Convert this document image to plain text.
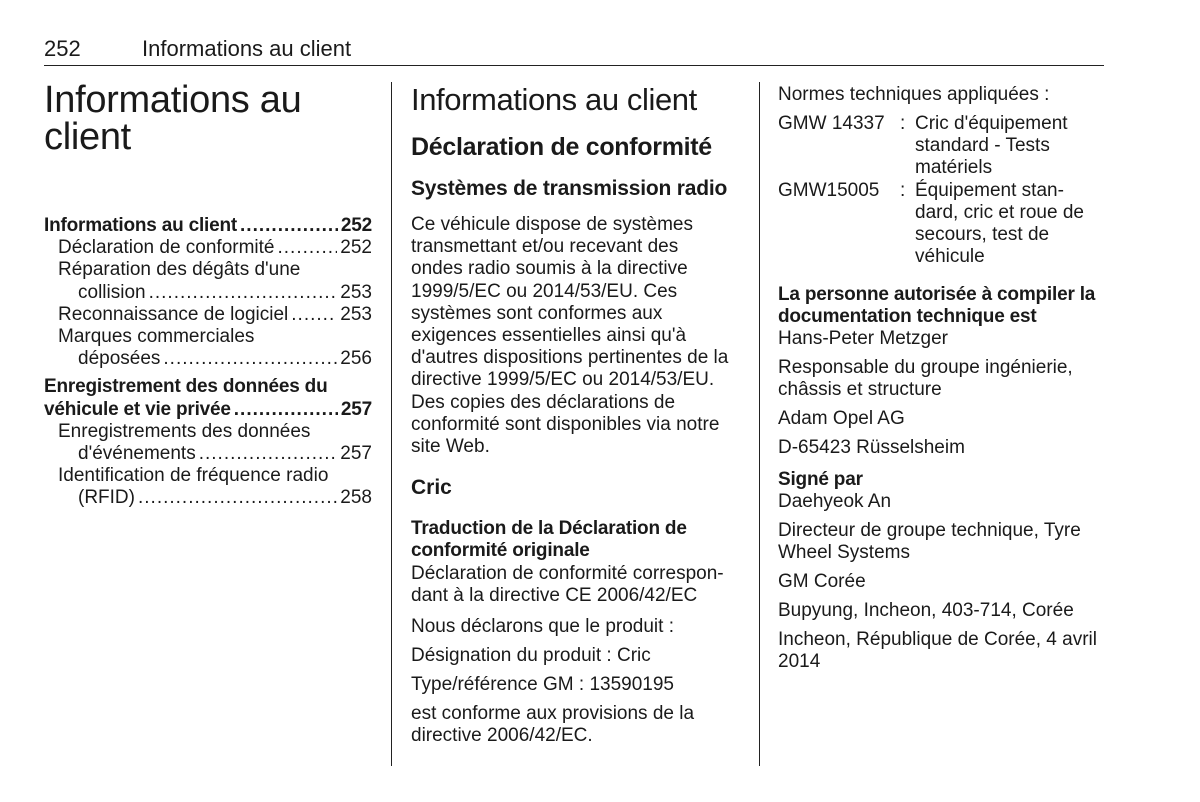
252	Informations au client
Informations au client
Informations au client .....	252
Déclaration de conformité .....	252
Réparation des dégâts d'une
collision .....	253
Reconnaissance de logiciel .....	253
Marques commerciales
déposées .....	256
Enregistrement des données du
véhicule et vie privée .....	257
Enregistrements des données
d'événements .....	257
Identification de fréquence radio
(RFID) .....	258
Informations au client
Déclaration de conformité
Systèmes de transmission radio
Ce véhicule dispose de systèmes
transmettant et/ou recevant des
ondes radio soumis à la directive
1999/5/EC ou 2014/53/EU. Ces
systèmes sont conformes aux
exigences essentielles ainsi qu'à
d'autres dispositions pertinentes de la
directive 1999/5/EC ou 2014/53/EU.
Des copies des déclarations de
conformité sont disponibles via notre
site Web.
Cric
Traduction de la Déclaration de
conformité originale
Déclaration de conformité correspon-
dant à la directive CE 2006/42/EC
Nous déclarons que le produit :
Désignation du produit : Cric
Type/référence GM : 13590195
est conforme aux provisions de la
directive 2006/42/EC.
Normes techniques appliquées :
GMW 14337 : Cric d'équipement
standard - Tests
matériels
GMW15005	: Équipement stan-
dard, cric et roue de
secours, test de
véhicule
La personne autorisée à compiler la
documentation technique est
Hans-Peter Metzger
Responsable du groupe ingénierie,
châssis et structure
Adam Opel AG
D-65423 Rüsselsheim
Signé par
Daehyeok An
Directeur de groupe technique, Tyre
Wheel Systems
GM Corée
Bupyung, Incheon, 403-714, Corée
Incheon, République de Corée, 4 avril
2014
